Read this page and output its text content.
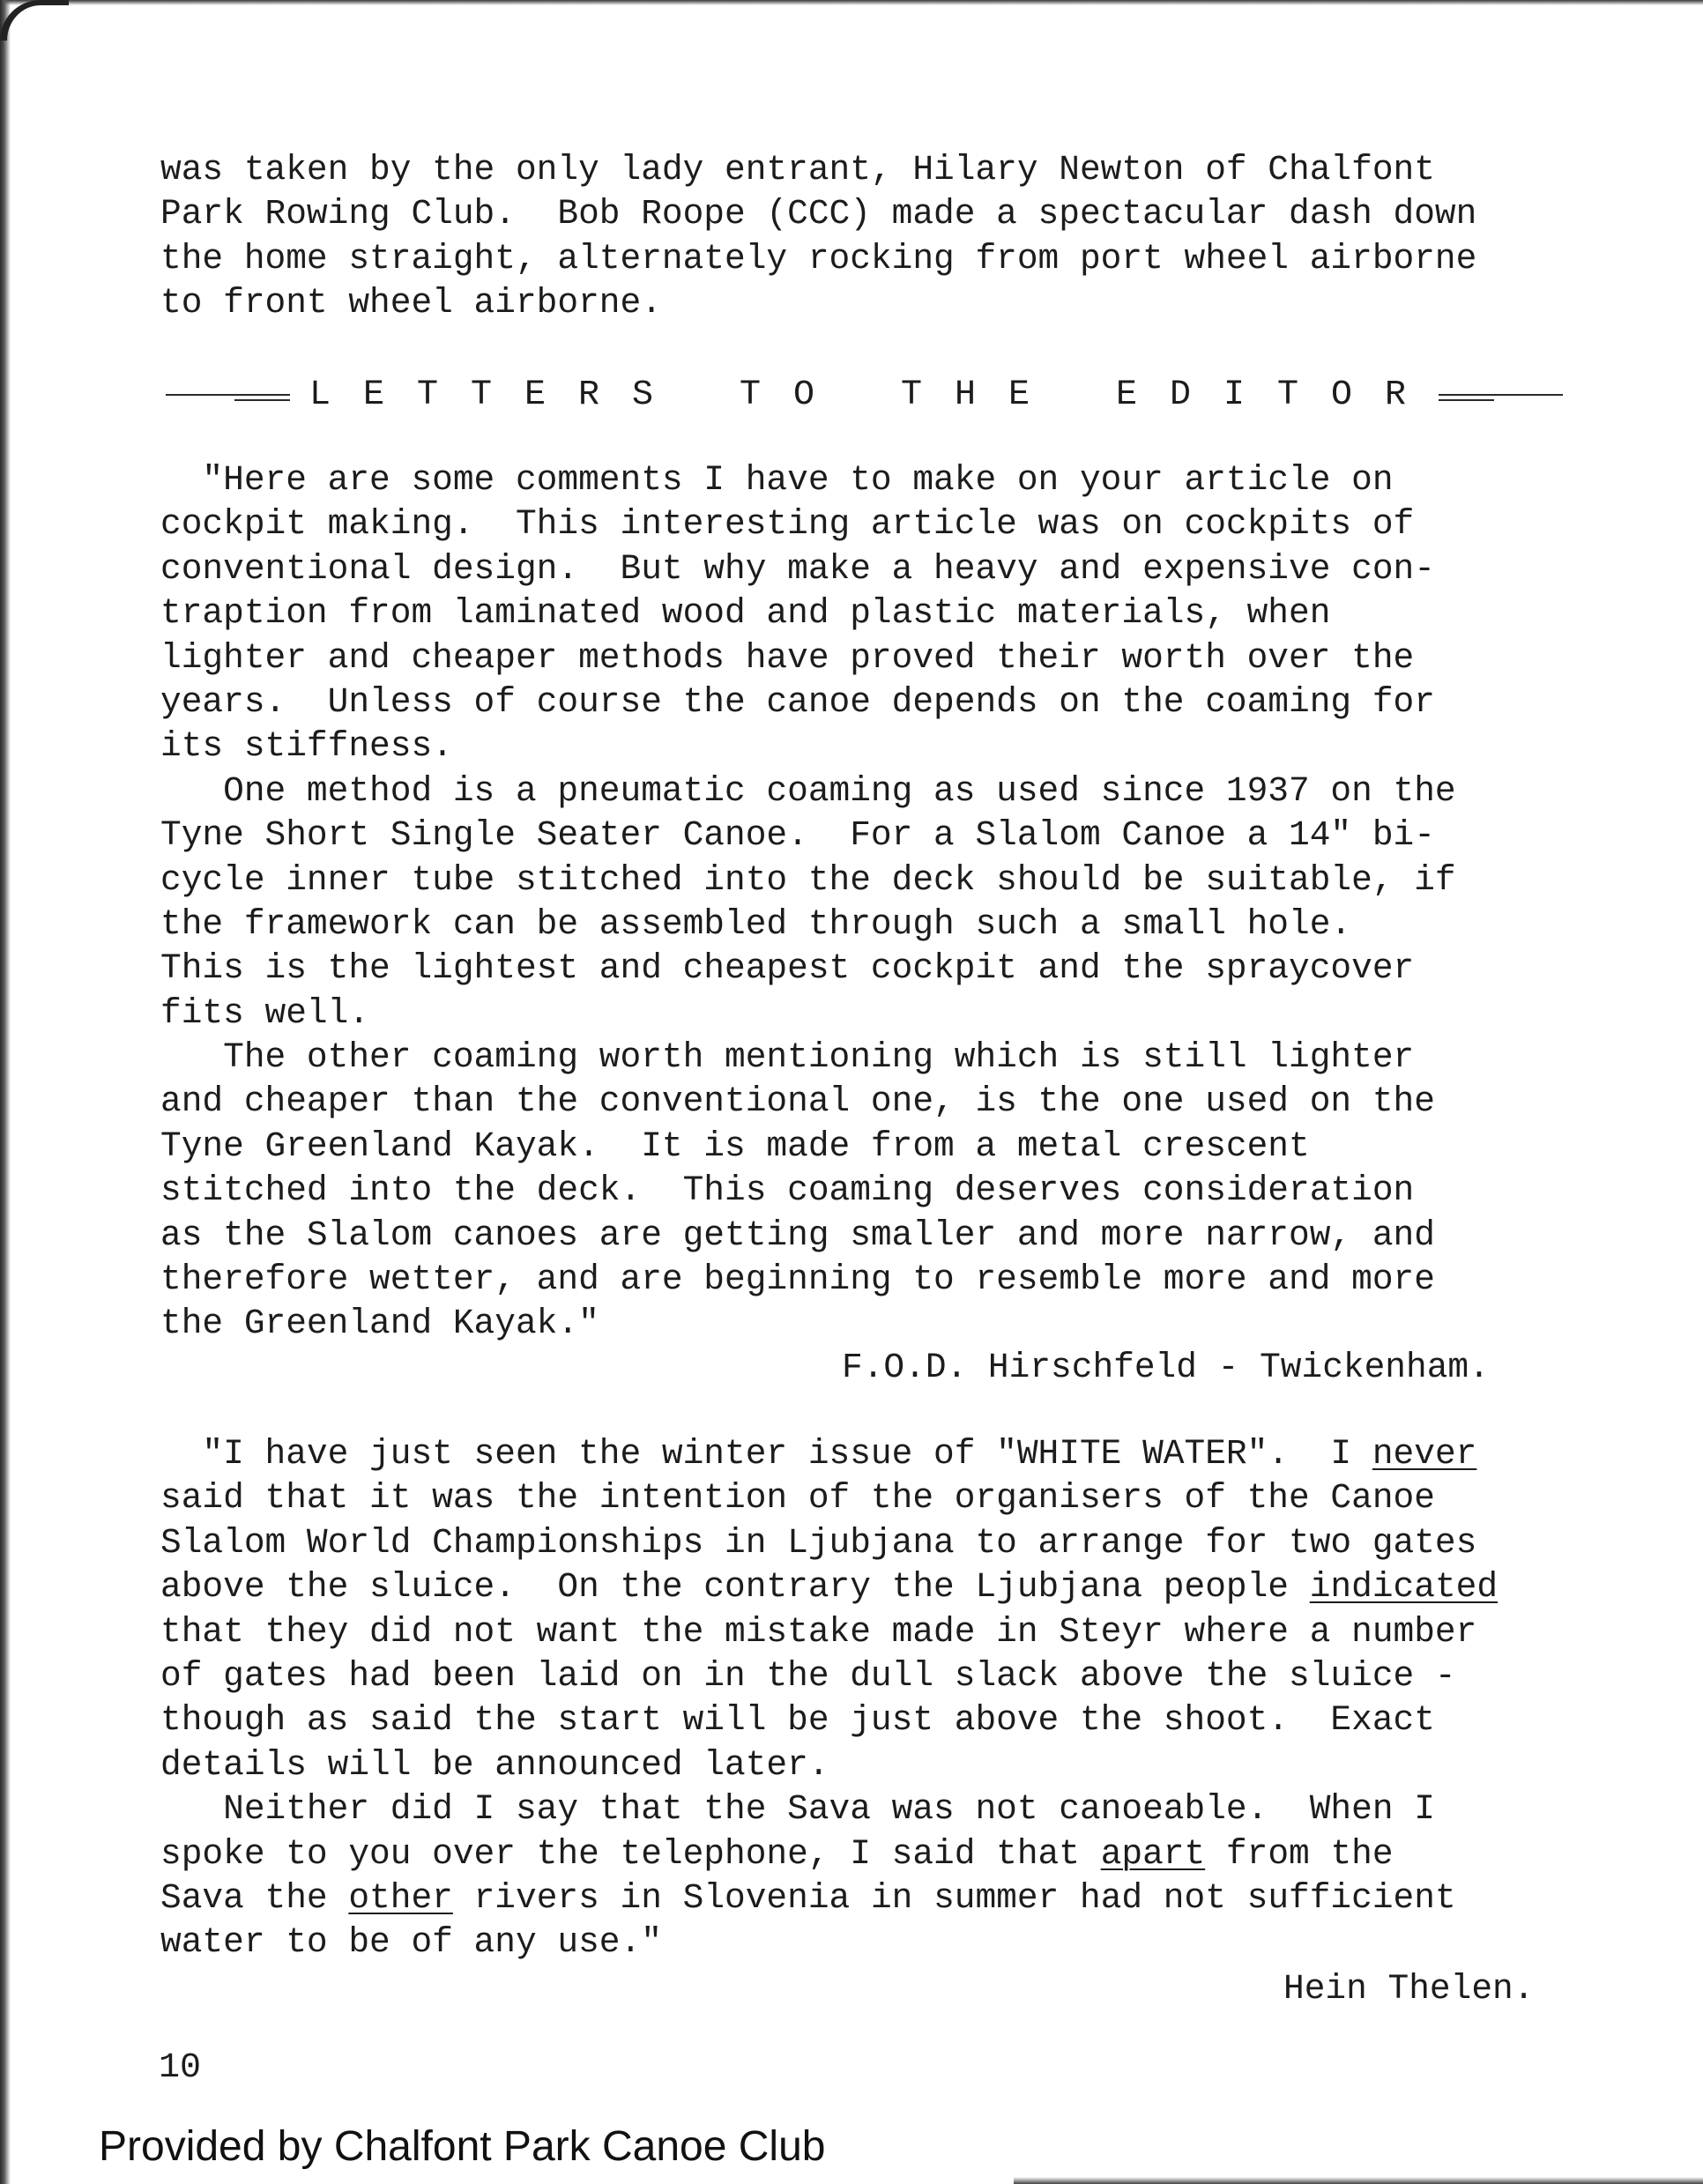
was taken by the only lady entrant, Hilary Newton of Chalfont
Park Rowing Club.  Bob Roope (CCC) made a spectacular dash down
the home straight, alternately rocking from port wheel airborne
to front wheel airborne.
LETTERS TO THE EDITOR
"Here are some comments I have to make on your article on
cockpit making.  This interesting article was on cockpits of
conventional design.  But why make a heavy and expensive con-
traption from laminated wood and plastic materials, when
lighter and cheaper methods have proved their worth over the
years.  Unless of course the canoe depends on the coaming for
its stiffness.
One method is a pneumatic coaming as used since 1937 on the
Tyne Short Single Seater Canoe.  For a Slalom Canoe a 14" bi-
cycle inner tube stitched into the deck should be suitable, if
the framework can be assembled through such a small hole.
This is the lightest and cheapest cockpit and the spraycover
fits well.
The other coaming worth mentioning which is still lighter
and cheaper than the conventional one, is the one used on the
Tyne Greenland Kayak.  It is made from a metal crescent
stitched into the deck.  This coaming deserves consideration
as the Slalom canoes are getting smaller and more narrow, and
therefore wetter, and are beginning to resemble more and more
the Greenland Kayak."
F.O.D. Hirschfeld - Twickenham.
"I have just seen the winter issue of "WHITE WATER".  I never
said that it was the intention of the organisers of the Canoe
Slalom World Championships in Ljubjana to arrange for two gates
above the sluice.  On the contrary the Ljubjana people indicated
that they did not want the mistake made in Steyr where a number
of gates had been laid on in the dull slack above the sluice -
though as said the start will be just above the shoot.  Exact
details will be announced later.
Neither did I say that the Sava was not canoeable.  When I
spoke to you over the telephone, I said that apart from the
Sava the other rivers in Slovenia in summer had not sufficient
water to be of any use."
Hein Thelen.
10
Provided by Chalfont Park Canoe Club
